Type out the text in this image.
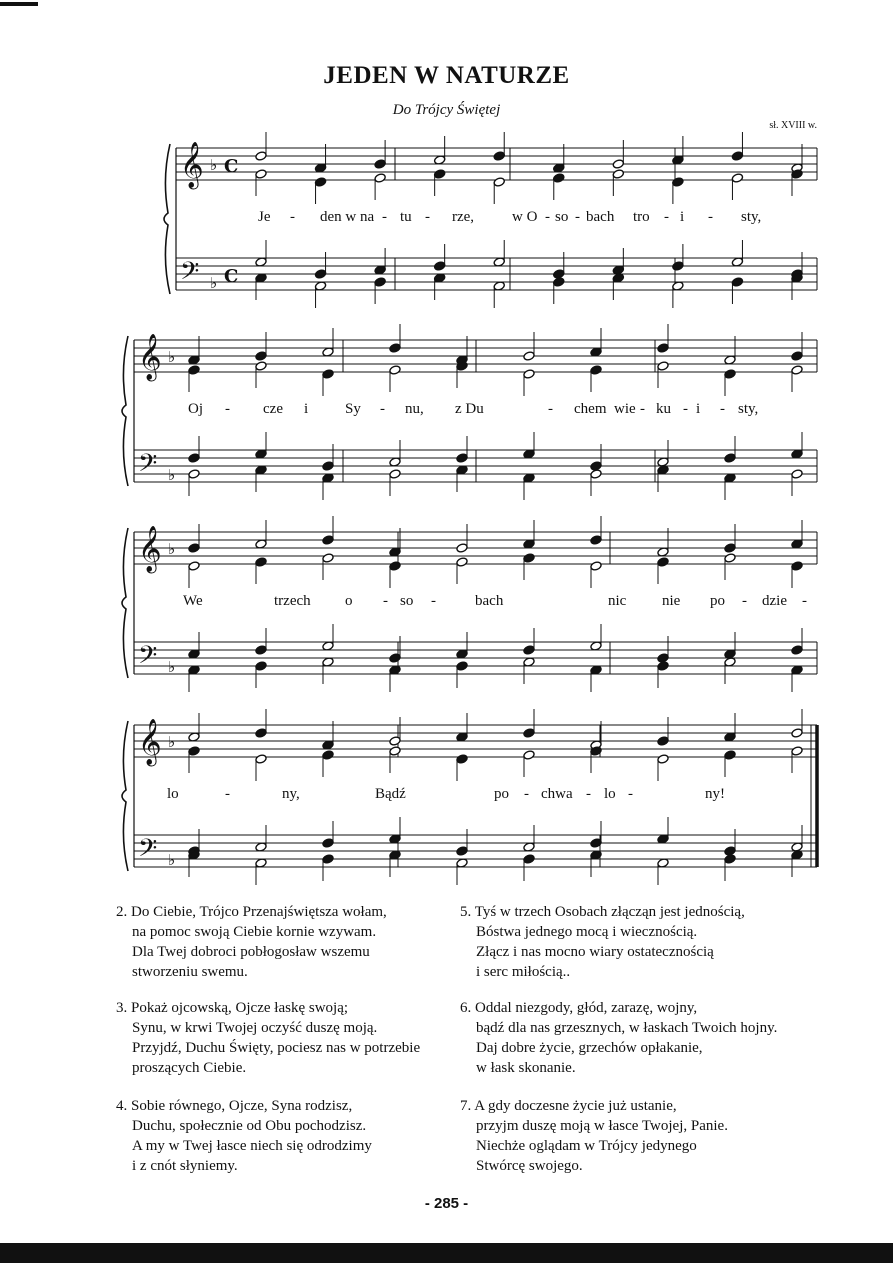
JEDEN W NATURZE
Do Trójcy Świętej
sł. XVIII w.
𝄞
𝄢
♭
♭
C
C
𝄞
𝄢
♭
♭
𝄞
𝄢
♭
♭
𝄞
𝄢
♭
♭
Je - den w na - tu - rze,	w O - so - bach tro - i - sty,
Oj - cze i Sy - nu, z Du	- chem wie - ku - i - sty,
We	trzech o - so -	bach	nic nie po - dzie -
lo	-	ny,	Bądź	po - chwa - lo -	ny!
2. Do Ciebie, Trójco Przenajświętsza wołam,
na pomoc swoją Ciebie kornie wzywam.
Dla Twej dobroci pobłogosław wszemu
stworzeniu swemu.
3. Pokaż ojcowską, Ojcze łaskę swoją;
Synu, w krwi Twojej oczyść duszę moją.
Przyjdź, Duchu Święty, pociesz nas w potrzebie
proszących Ciebie.
4. Sobie równego, Ojcze, Syna rodzisz,
Duchu, społecznie od Obu pochodzisz.
A my w Twej łasce niech się odrodzimy
i z cnót słyniemy.
5. Tyś w trzech Osobach złącząn jest jednością,
Bóstwa jednego mocą i wiecznością.
Złącz i nas mocno wiary ostatecznością
i serc miłością..
6. Oddal niezgody, głód, zarazę, wojny,
bądź dla nas grzesznych, w łaskach Twoich hojny.
Daj dobre życie, grzechów opłakanie,
w łask skonanie.
7. A gdy doczesne życie już ustanie,
przyjm duszę moją w łasce Twojej, Panie.
Niechże oglądam w Trójcy jedynego
Stwórcę swojego.
- 285 -
